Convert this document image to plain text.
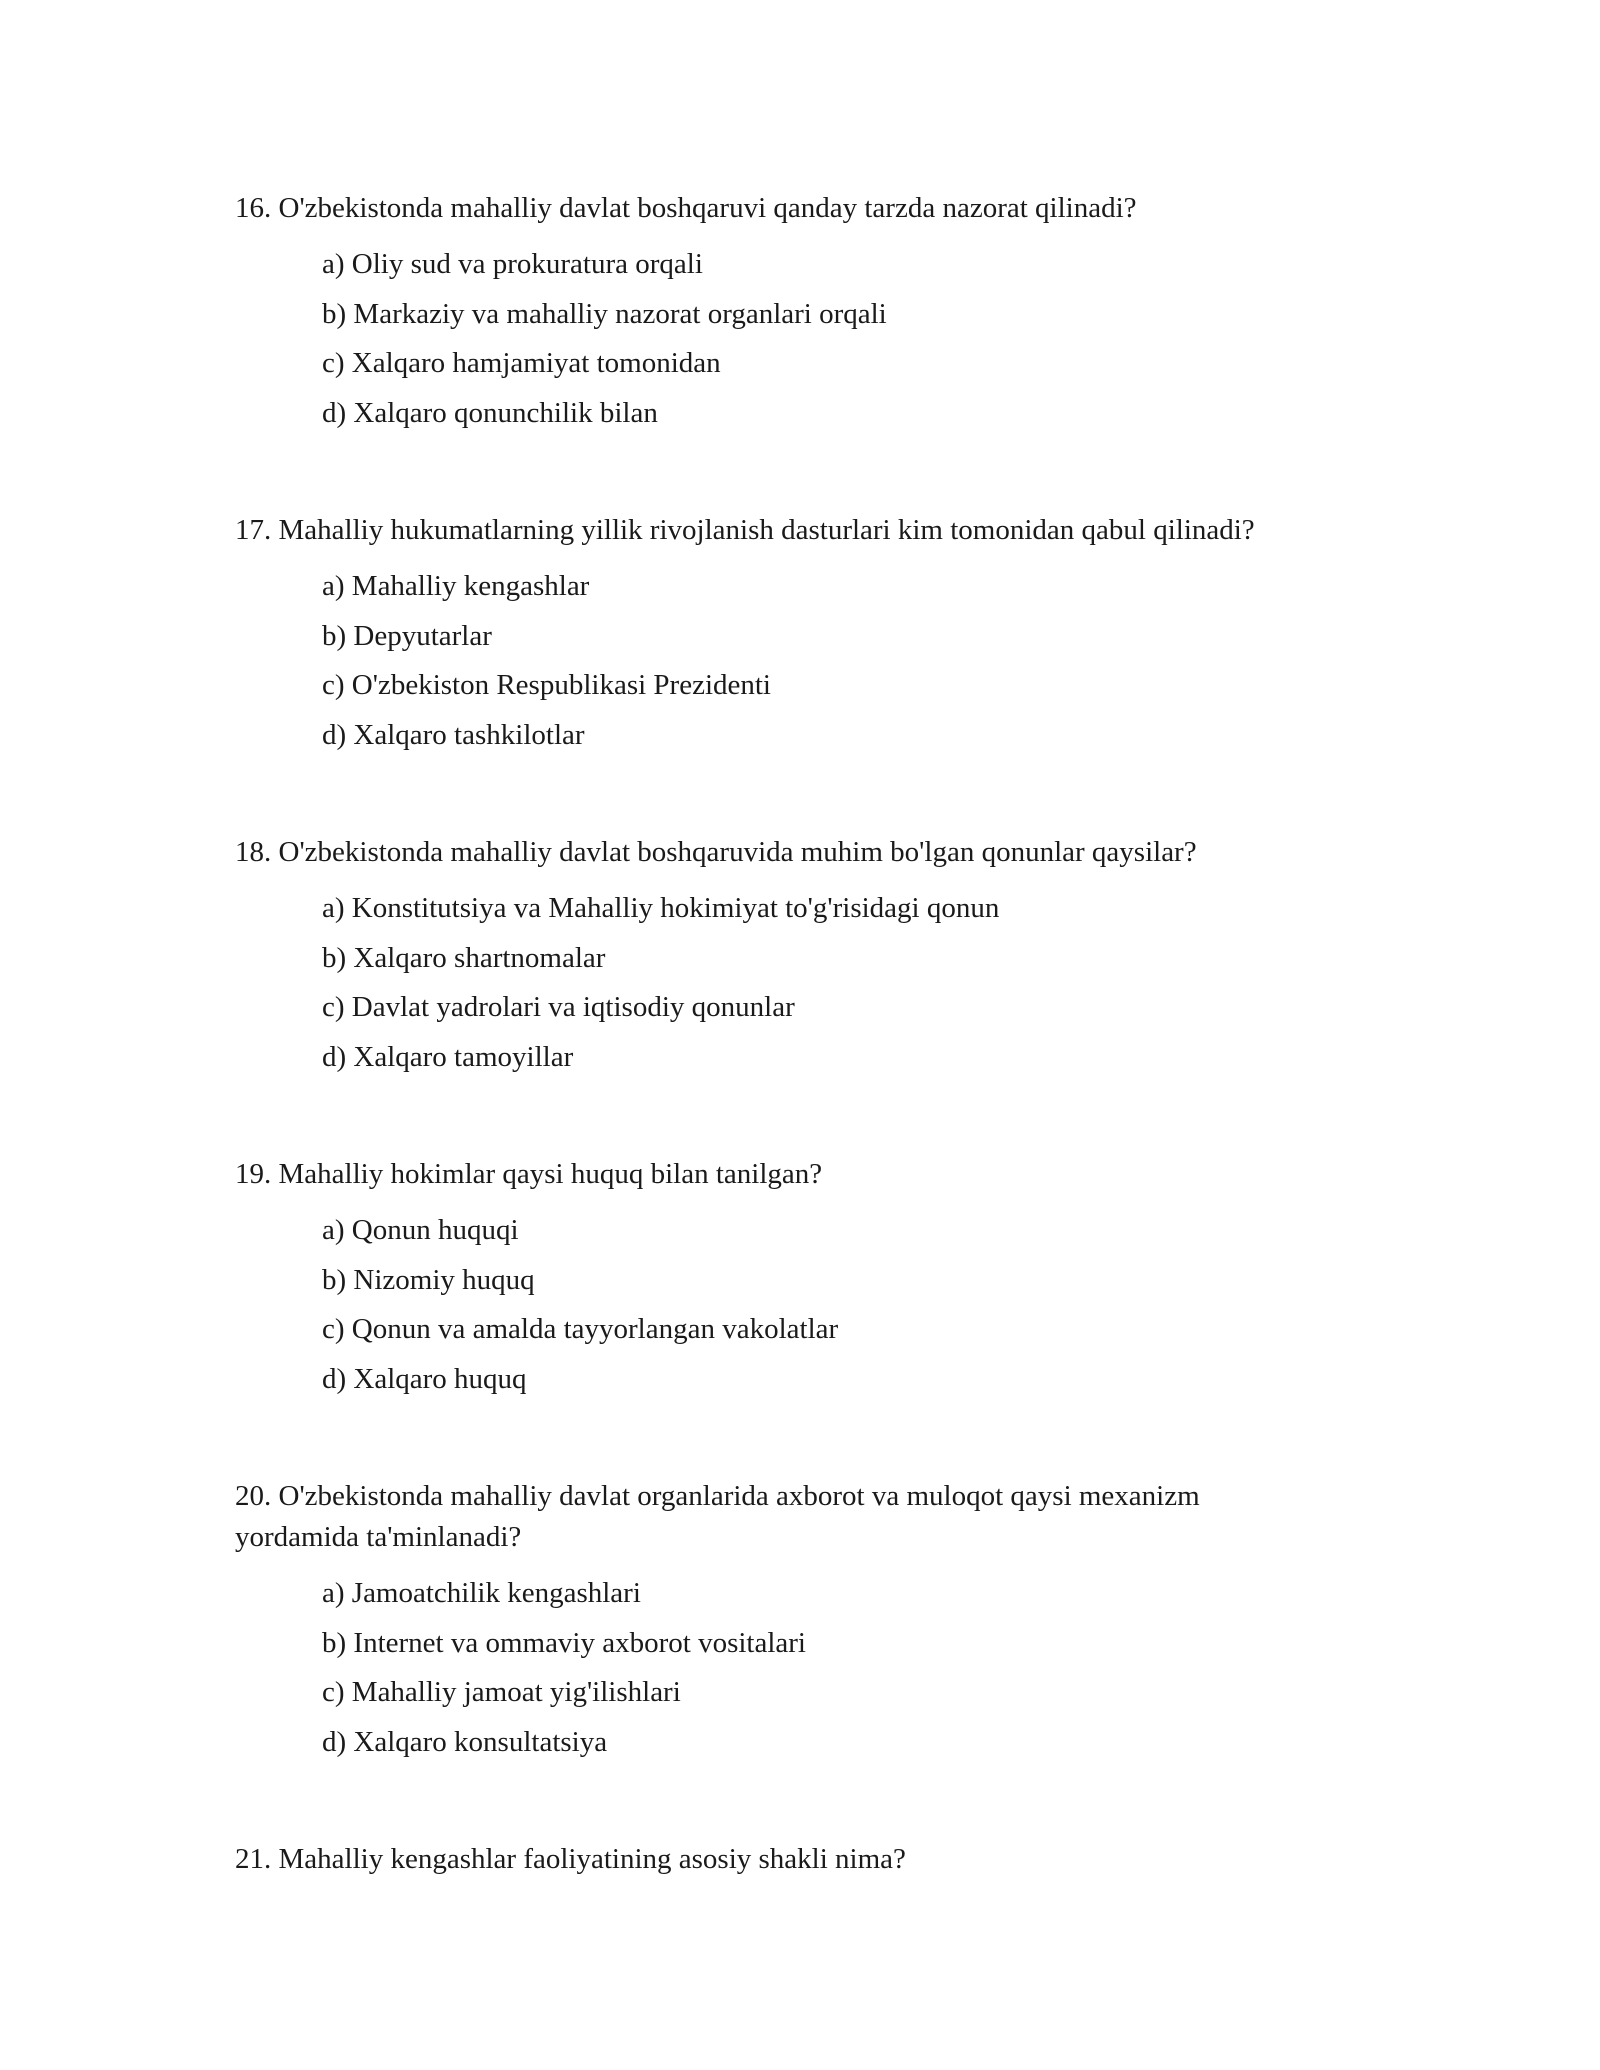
16. O'zbekistonda mahalliy davlat boshqaruvi qanday tarzda nazorat qilinadi?

a) Oliy sud va prokuratura orqali
b) Markaziy va mahalliy nazorat organlari orqali
c) Xalqaro hamjamiyat tomonidan
d) Xalqaro qonunchilik bilan

17. Mahalliy hukumatlarning yillik rivojlanish dasturlari kim tomonidan qabul qilinadi?

a) Mahalliy kengashlar
b) Depyutarlar
c) O'zbekiston Respublikasi Prezidenti
d) Xalqaro tashkilotlar

18. O'zbekistonda mahalliy davlat boshqaruvida muhim bo'lgan qonunlar qaysilar?

a) Konstitutsiya va Mahalliy hokimiyat to'g'risidagi qonun
b) Xalqaro shartnomalar
c) Davlat yadrolari va iqtisodiy qonunlar
d) Xalqaro tamoyillar

19. Mahalliy hokimlar qaysi huquq bilan tanilgan?

a) Qonun huquqi
b) Nizomiy huquq
c) Qonun va amalda tayyorlangan vakolatlar
d) Xalqaro huquq

20. O'zbekistonda mahalliy davlat organlarida axborot va muloqot qaysi mexanizm

yordamida ta'minlanadi?

a) Jamoatchilik kengashlari
b) Internet va ommaviy axborot vositalari
c) Mahalliy jamoat yig'ilishlari
d) Xalqaro konsultatsiya

21. Mahalliy kengashlar faoliyatining asosiy shakli nima?
